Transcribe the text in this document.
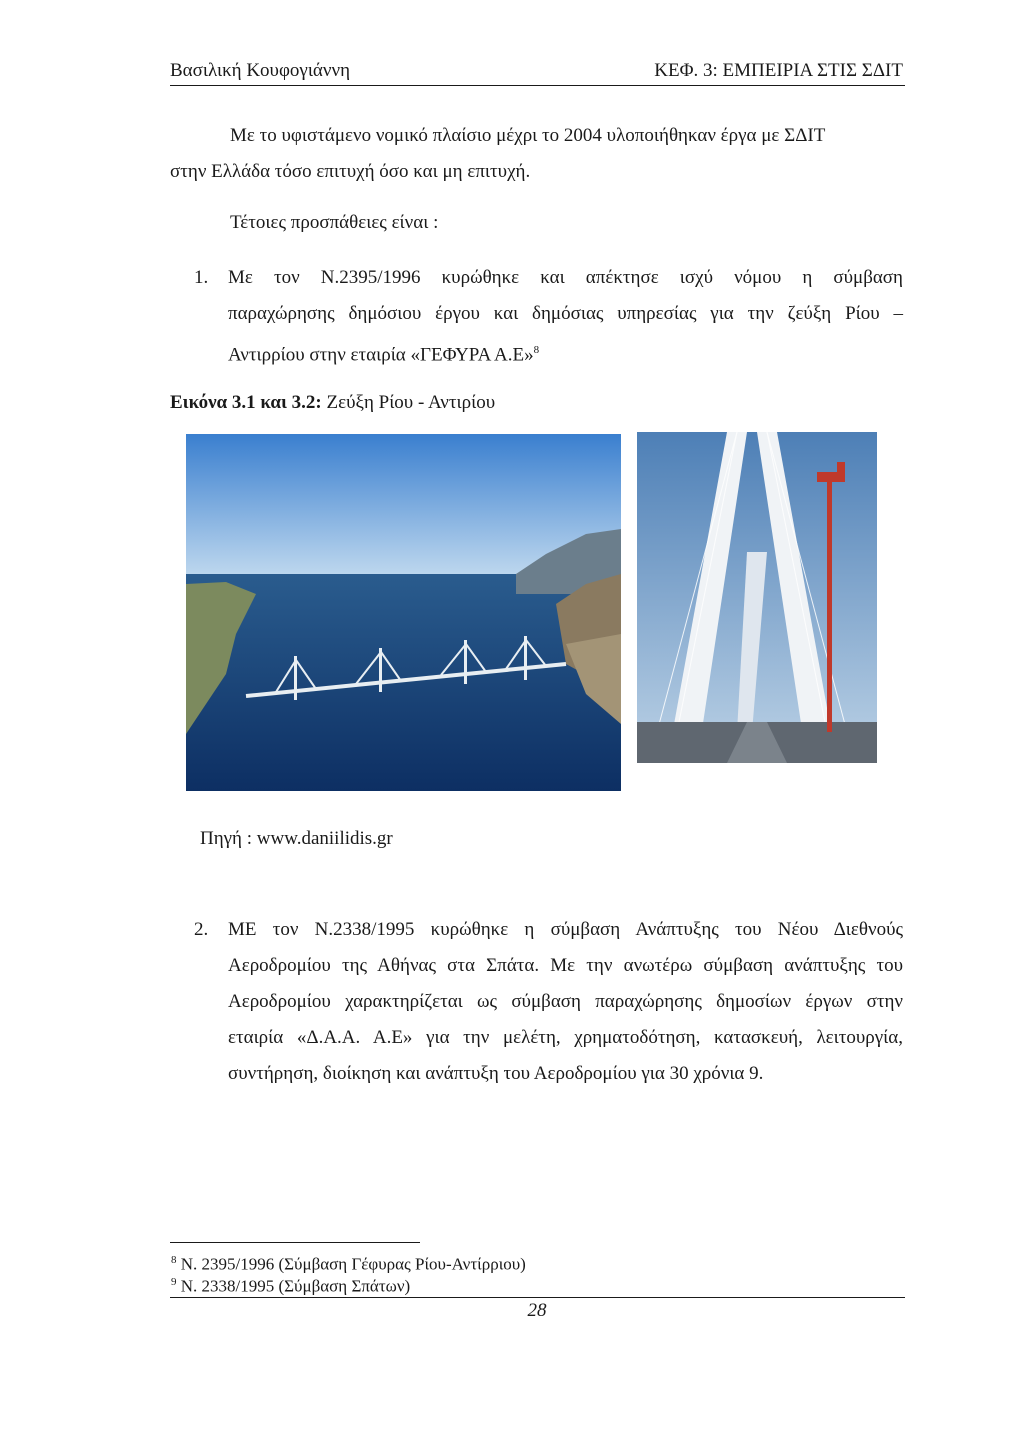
Βασιλική Κουφογιάννη	ΚΕΦ. 3: ΕΜΠΕΙΡΙΑ ΣΤΙΣ ΣΔΙΤ
Με το υφιστάμενο νομικό πλαίσιο μέχρι το 2004 υλοποιήθηκαν έργα με ΣΔΙΤ
στην Ελλάδα τόσο επιτυχή όσο και μη επιτυχή.
Τέτοιες προσπάθειες είναι :
1.	Με τον Ν.2395/1996 κυρώθηκε και απέκτησε ισχύ νόμου η σύμβαση
παραχώρησης δημόσιου έργου και δημόσιας υπηρεσίας για την ζεύξη Ρίου –
Αντιρρίου στην εταιρία «ΓΕΦΥΡΑ Α.Ε»$^8$
Εικόνα 3.1 και 3.2: Ζεύξη Ρίου - Αντιρίου
Πηγή : www.daniilidis.gr
2.	ΜΕ τον Ν.2338/1995 κυρώθηκε η σύμβαση Ανάπτυξης του Νέου Διεθνούς
Αεροδρομίου της Αθήνας στα Σπάτα. Με την ανωτέρω σύμβαση ανάπτυξης του
Αεροδρομίου χαρακτηρίζεται ως σύμβαση παραχώρησης δημοσίων έργων στην
εταιρία «Δ.Α.Α. Α.Ε» για την μελέτη, χρηματοδότηση, κατασκευή, λειτουργία,
συντήρηση, διοίκηση και ανάπτυξη του Αεροδρομίου για 30 χρόνια 9.
$^8$ Ν. 2395/1996 (Σύμβαση Γέφυρας Ρίου-Αντίρριου)
$^9$ Ν. 2338/1995 (Σύμβαση Σπάτων)
28
